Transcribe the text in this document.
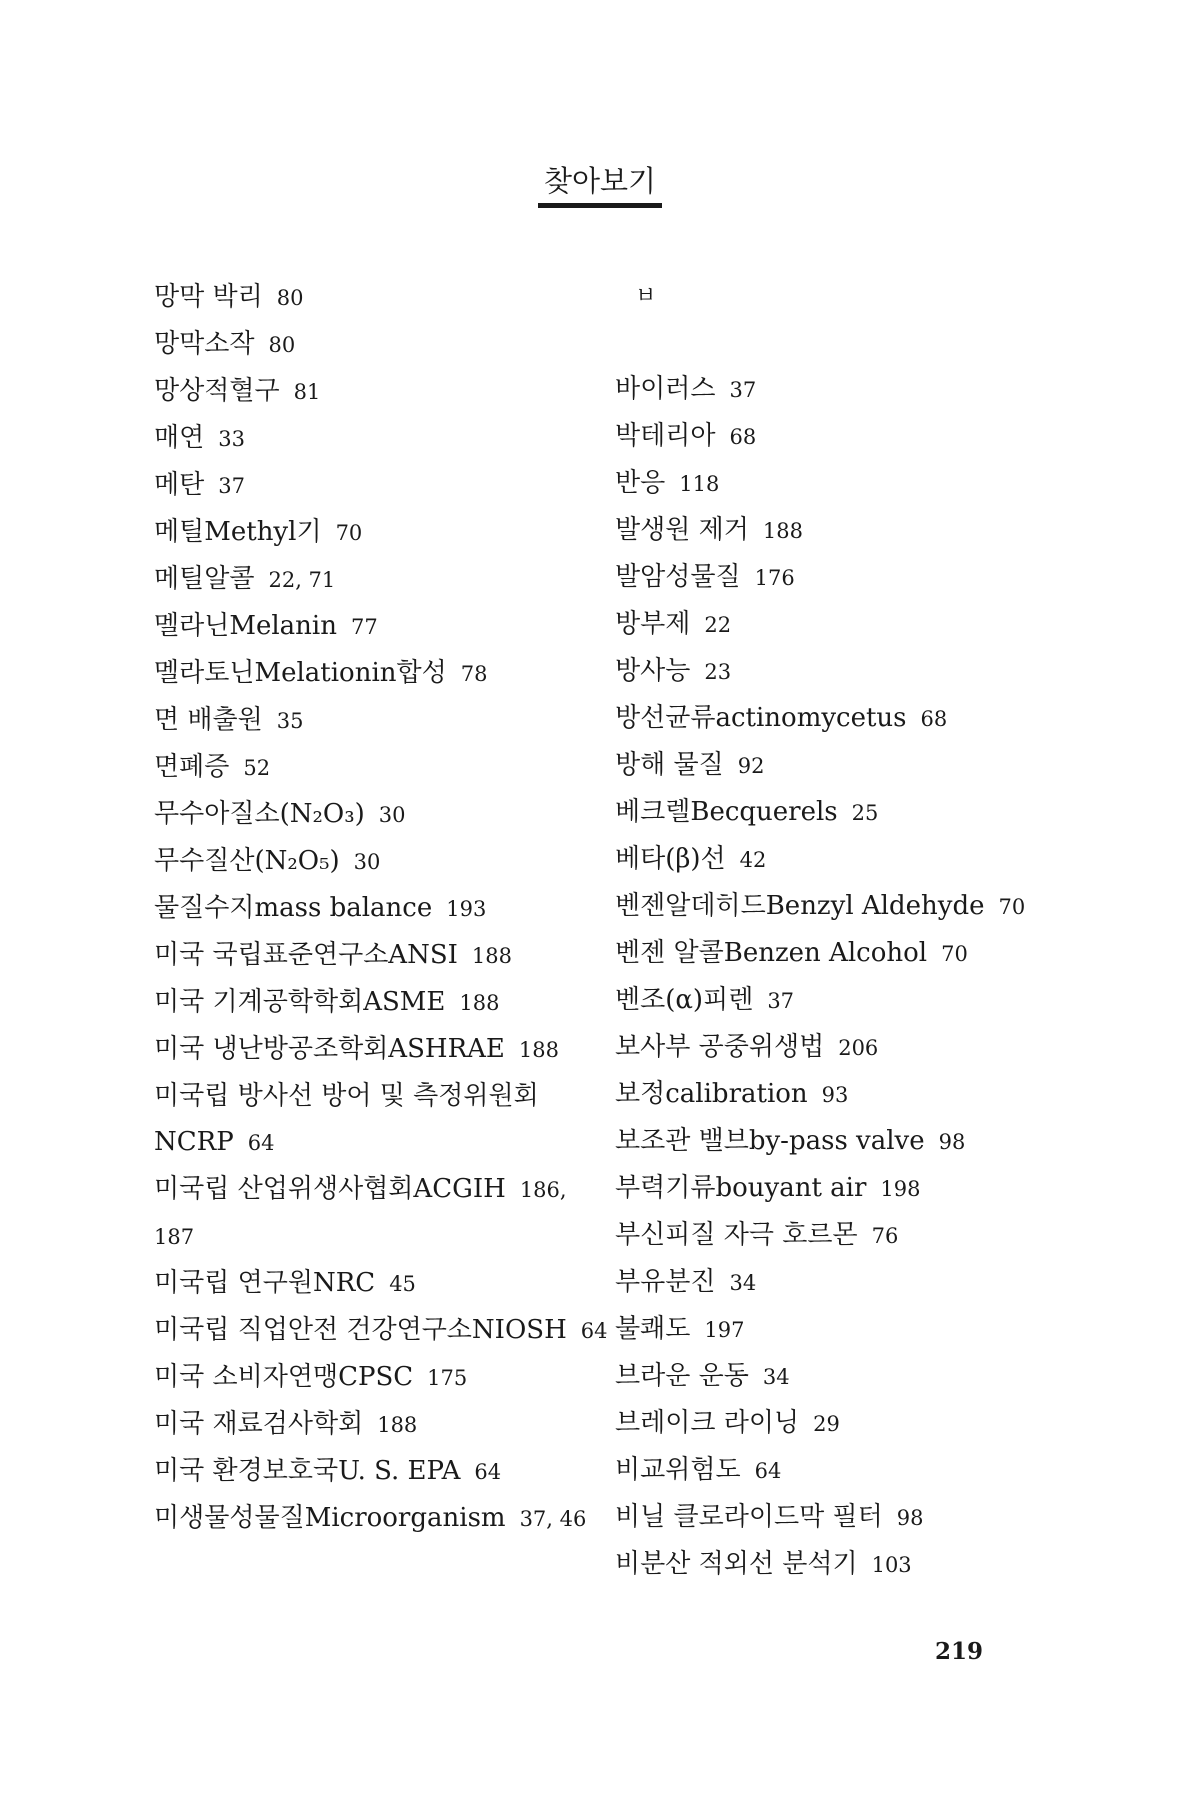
찾아보기
망막 박리 80
망막소작 80
망상적혈구 81
매연 33
메탄 37
메틸Methyl기 70
메틸알콜 22, 71
멜라닌Melanin 77
멜라토닌Melationin합성 78
면 배출원 35
면폐증 52
무수아질소(N₂O₃) 30
무수질산(N₂O₅) 30
물질수지mass balance 193
미국 국립표준연구소ANSI 188
미국 기계공학학회ASME 188
미국 냉난방공조학회ASHRAE 188
미국립 방사선 방어 및 측정위원회 NCRP 64
미국립 산업위생사협회ACGIH 186, 187
미국립 연구원NRC 45
미국립 직업안전 건강연구소NIOSH 64
미국 소비자연맹CPSC 175
미국 재료검사학회 188
미국 환경보호국U. S. EPA 64
미생물성물질Microorganism 37, 46
ㅂ
바이러스 37
박테리아 68
반응 118
발생원 제거 188
발암성물질 176
방부제 22
방사능 23
방선균류actinomycetus 68
방해 물질 92
베크렐Becquerels 25
베타(β)선 42
벤젠알데히드Benzyl Aldehyde 70
벤젠 알콜Benzen Alcohol 70
벤조(α)피렌 37
보사부 공중위생법 206
보정calibration 93
보조관 밸브by-pass valve 98
부력기류bouyant air 198
부신피질 자극 호르몬 76
부유분진 34
불쾌도 197
브라운 운동 34
브레이크 라이닝 29
비교위험도 64
비닐 클로라이드막 필터 98
비분산 적외선 분석기 103
219
